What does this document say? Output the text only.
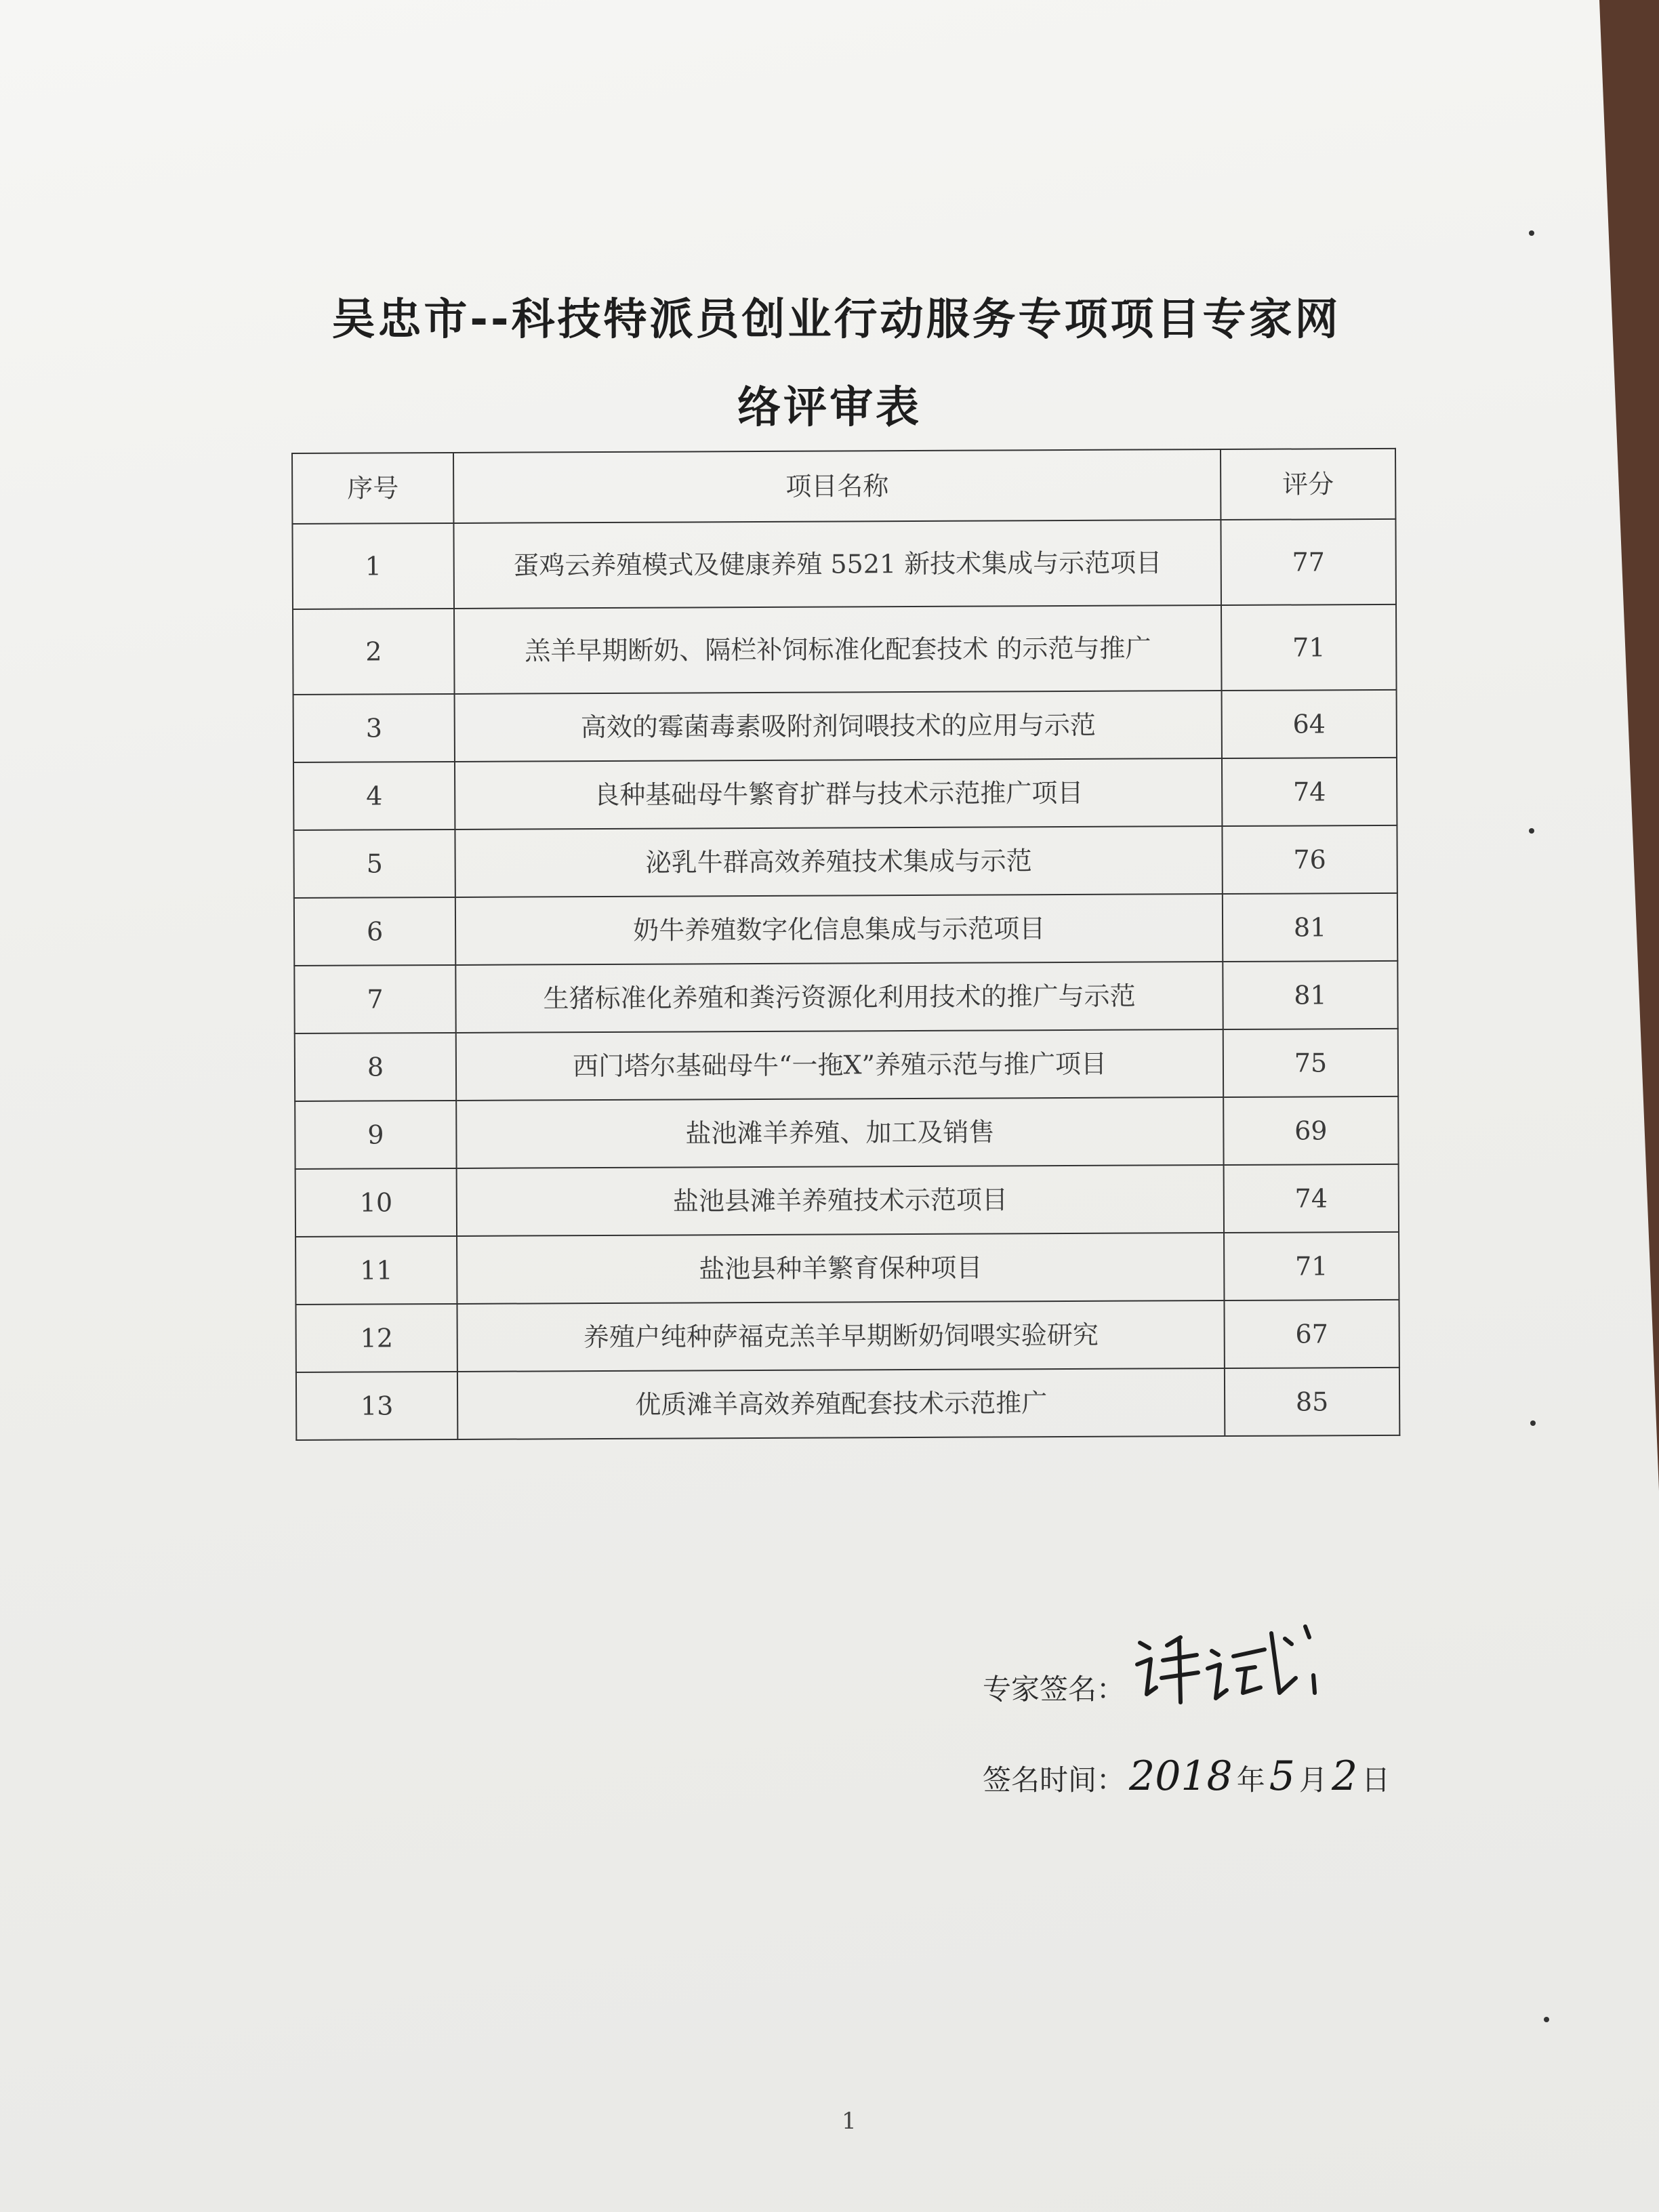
吴忠市--科技特派员创业行动服务专项项目专家网
络评审表
序号	项目名称	评分
1	蛋鸡云养殖模式及健康养殖 5521 新技术集成与示范项目	77
2	羔羊早期断奶、隔栏补饲标准化配套技术 的示范与推广	71
3	高效的霉菌毒素吸附剂饲喂技术的应用与示范	64
4	良种基础母牛繁育扩群与技术示范推广项目	74
5	泌乳牛群高效养殖技术集成与示范	76
6	奶牛养殖数字化信息集成与示范项目	81
7	生猪标准化养殖和粪污资源化利用技术的推广与示范	81
8	西门塔尔基础母牛“一拖X”养殖示范与推广项目	75
9	盐池滩羊养殖、加工及销售	69
10	盐池县滩羊养殖技术示范项目	74
11	盐池县种羊繁育保种项目	71
12	养殖户纯种萨福克羔羊早期断奶饲喂实验研究	67
13	优质滩羊高效养殖配套技术示范推广	85
专家签名：
签名时间： 2018 年 5 月 2 日
1
